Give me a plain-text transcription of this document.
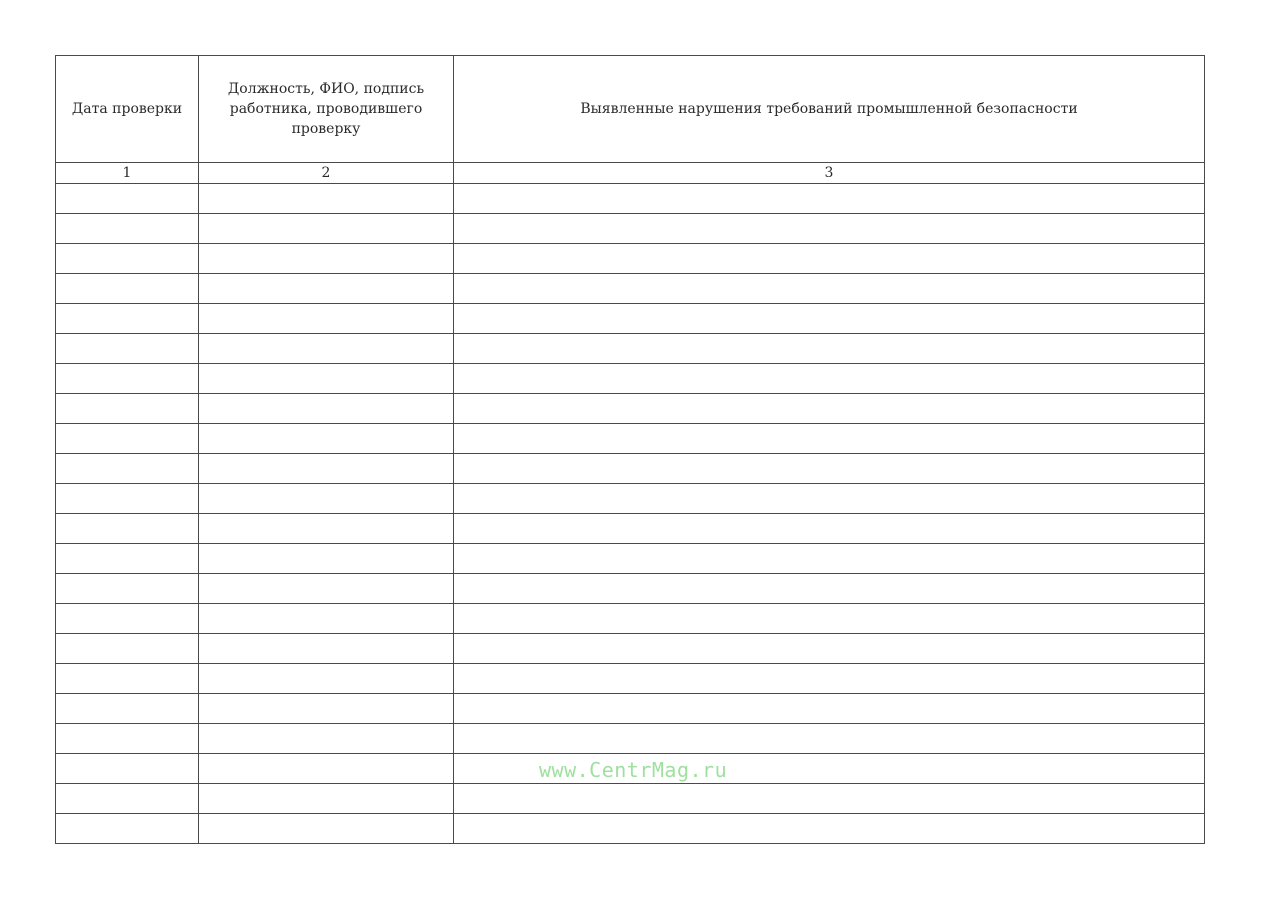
Дата проверки	Должность, ФИО, подпись работника, проводившего проверку	Выявленные нарушения требований промышленной безопасности
1	2	3

www.CentrMag.ru
